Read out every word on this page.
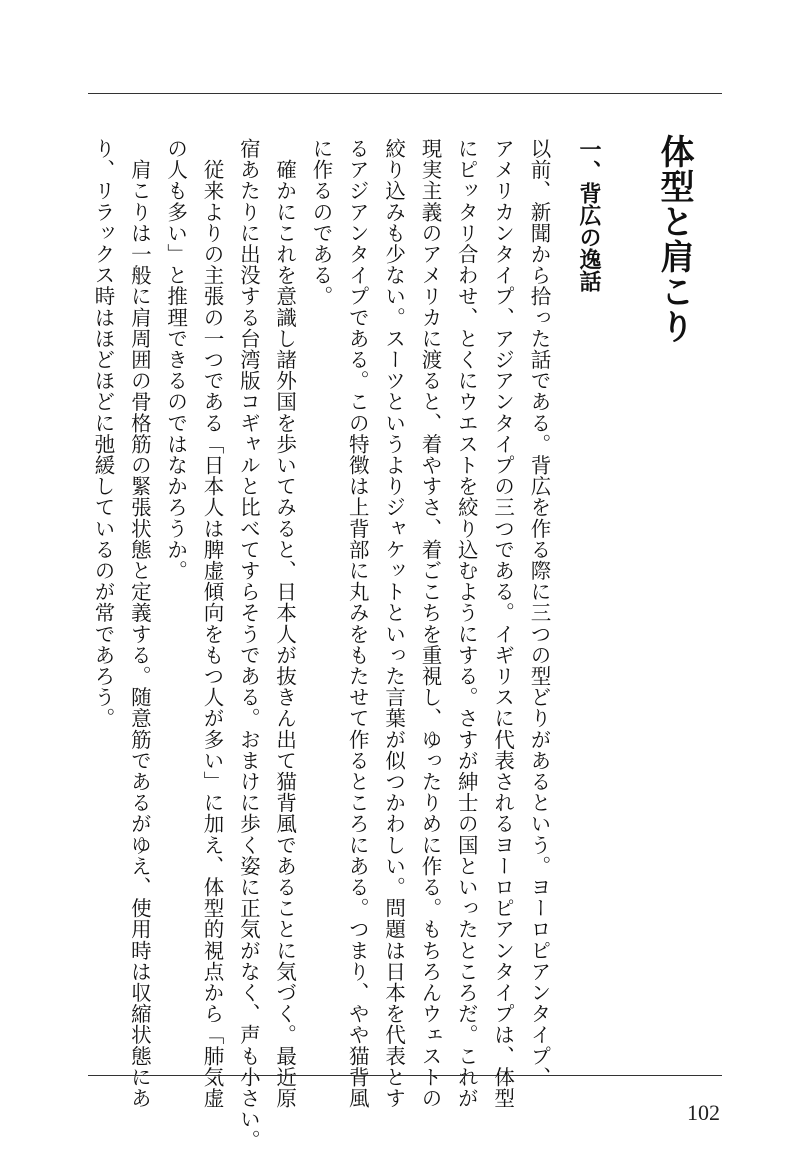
体型と肩こり
一、背広の逸話

以前、新聞から拾った話である。背広を作る際に三つの型どりがあるという。ヨーロピアンタイプ、

アメリカンタイプ、アジアンタイプの三つである。イギリスに代表されるヨーロピアンタイプは、体型

にピッタリ合わせ、とくにウエストを絞り込むようにする。さすが紳士の国といったところだ。これが

現実主義のアメリカに渡ると、着やすさ、着ごこちを重視し、ゆったりめに作る。もちろんウェストの

絞り込みも少ない。スーツというよりジャケットといった言葉が似つかわしい。問題は日本を代表とす

るアジアンタイプである。この特徴は上背部に丸みをもたせて作るところにある。つまり、やや猫背風

に作るのである。

　確かにこれを意識し諸外国を歩いてみると、日本人が抜きん出て猫背風であることに気づく。最近原

宿あたりに出没する台湾版コギャルと比べてすらそうである。おまけに歩く姿に正気がなく、声も小さい。

　従来よりの主張の一つである「日本人は脾虚傾向をもつ人が多い」に加え、体型的視点から「肺気虚

の人も多い」と推理できるのではなかろうか。

　肩こりは一般に肩周囲の骨格筋の緊張状態と定義する。随意筋であるがゆえ、使用時は収縮状態にあ

り、リラックス時はほどほどに弛緩しているのが常であろう。

102
